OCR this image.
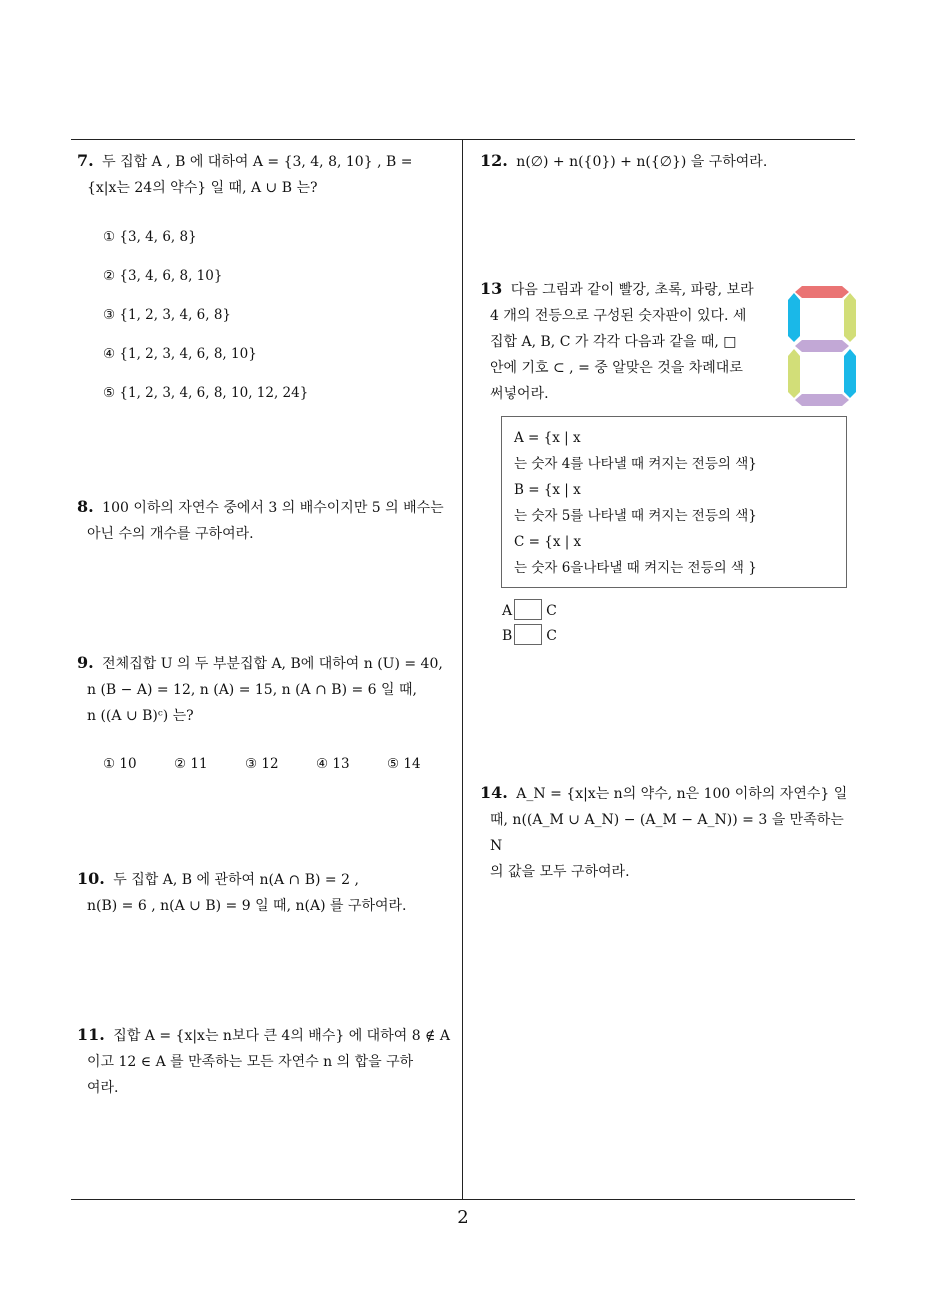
7. 두 집합 A , B 에 대하여 A = {3, 4, 8, 10} , B =
{x|x는 24의 약수} 일 때, A ∪ B 는?
① {3, 4, 6, 8}
② {3, 4, 6, 8, 10}
③ {1, 2, 3, 4, 6, 8}
④ {1, 2, 3, 4, 6, 8, 10}
⑤ {1, 2, 3, 4, 6, 8, 10, 12, 24}
8. 100 이하의 자연수 중에서 3 의 배수이지만 5 의 배수는
아닌 수의 개수를 구하여라.
9. 전체집합 U 의 두 부분집합 A, B에 대하여 n (U) = 40,
n (B − A) = 12, n (A) = 15, n (A ∩ B) = 6 일 때,
n ((A ∪ B)ᶜ) 는?
① 10	② 11	③ 12	④ 13	⑤ 14
10. 두 집합 A, B 에 관하여 n(A ∩ B) = 2 ,
n(B) = 6 , n(A ∪ B) = 9 일 때, n(A) 를 구하여라.
11. 집합 A = {x|x는 n보다 큰 4의 배수} 에 대하여 8 ∉ A
이고 12 ∈ A 를 만족하는 모든 자연수 n 의 합을 구하
여라.
12. n(∅) + n({0}) + n({∅}) 을 구하여라.
13 다음 그림과 같이 빨강, 초록, 파랑, 보라
4 개의 전등으로 구성된 숫자판이 있다. 세
집합 A, B, C 가 각각 다음과 같을 때, □
안에 기호 ⊂ , = 중 알맞은 것을 차례대로
써넣어라.
A = {x | x
는 숫자 4를 나타낼 때 켜지는 전등의 색}
B = {x | x
는 숫자 5를 나타낼 때 켜지는 전등의 색}
C = {x | x
는 숫자 6을나타낼 때 켜지는 전등의 색 }
A C
B C
14. A_N = {x|x는 n의 약수, n은 100 이하의 자연수} 일
때, n((A_M ∪ A_N) − (A_M − A_N)) = 3 을 만족하는 N
의 값을 모두 구하여라.
2
